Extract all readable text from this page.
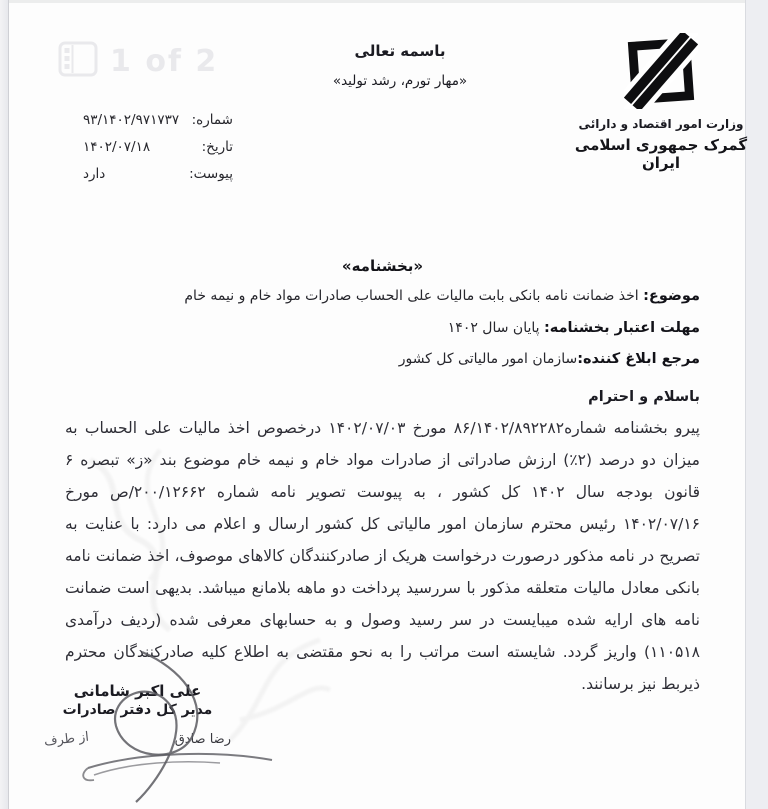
1 of 2	باسمه تعالی
«مهار تورم، رشد تولید»
وزارت امور اقتصاد و دارائی
گمرک جمهوری اسلامی ایران
شماره:
۹۳/۱۴۰۲/۹۷۱۷۳۷
تاریخ:
۱۴۰۲/۰۷/۱۸
پیوست:
دارد
«بخشنامه»
موضوع: اخذ ضمانت نامه بانکی بابت مالیات علی الحساب صادرات مواد خام و نیمه خام
مهلت اعتبار بخشنامه: پایان سال ۱۴۰۲
مرجع ابلاغ کننده:سازمان امور مالیاتی کل کشور
باسلام و احترام
پیرو بخشنامه شماره۸۶/۱۴۰۲/۸۹۲۲۸۲ مورخ ۱۴۰۲/۰۷/۰۳ درخصوص اخذ مالیات علی الحساب به میزان دو درصد (۲٪) ارزش صادراتی از صادرات مواد خام و نیمه خام موضوع بند «ز» تبصره ۶ قانون بودجه سال ۱۴۰۲ کل کشور ، به پیوست تصویر نامه شماره ۲۰۰/۱۲۶۶۲/ص مورخ ۱۴۰۲/۰۷/۱۶ رئیس محترم سازمان امور مالیاتی کل کشور ارسال و اعلام می دارد: با عنایت به تصریح در نامه مذکور درصورت درخواست هریک از صادرکنندگان کالاهای موصوف، اخذ ضمانت نامه بانکی معادل مالیات متعلقه مذکور با سررسید پرداخت دو ماهه بلامانع میباشد. بدیهی است ضمانت نامه های ارایه شده میبایست در سر رسید وصول و به حسابهای معرفی شده (ردیف درآمدی ۱۱۰۵۱۸) واریز گردد. شایسته است مراتب را به نحو مقتضی به اطلاع کلیه صادرکنندگان محترم ذیربط نیز برسانند.
علی اکبر شامانی
مدیر کل دفتر صادرات
رضا صادق
از طرف
